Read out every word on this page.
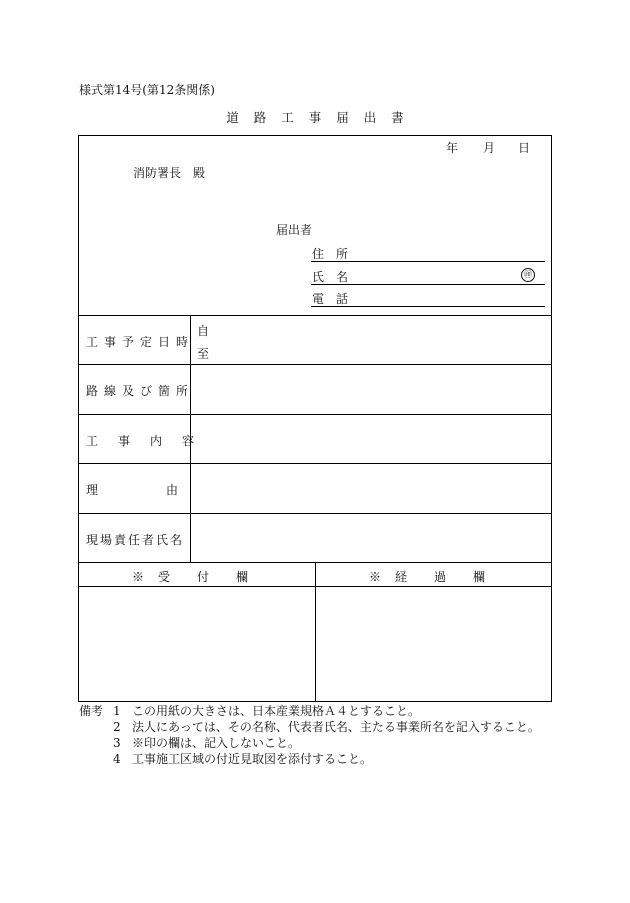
様式第14号(第12条関係)
道 路 工 事 届 出 書
年 月 日
消防署長　殿
届出者
住　所
氏　名	㊞
電　話
工事予定日時
自
至
路線及び箇所
工　事　内　容
理　　　　由
現場責任者氏名
※　受　　付　　欄	※　経　　過　　欄
備考 1 この用紙の大きさは、日本産業規格Ａ４とすること。
2 法人にあっては、その名称、代表者氏名、主たる事業所名を記入すること。
3 ※印の欄は、記入しないこと。
4 工事施工区域の付近見取図を添付すること。
